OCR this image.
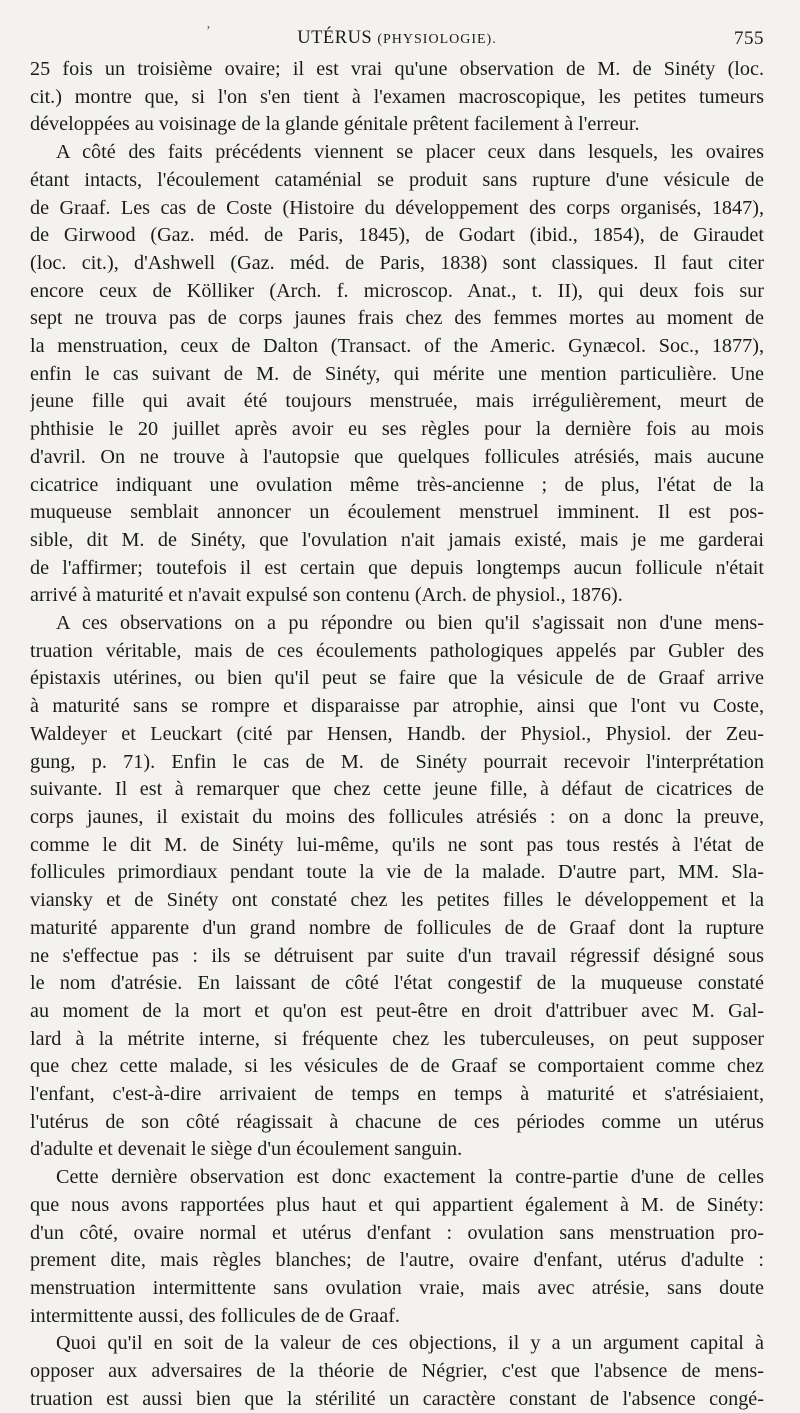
ʼ	UTÉRUS (PHYSIOLOGIE).	755
25 fois un troisième ovaire; il est vrai qu'une observation de M. de Sinéty (loc.
cit.) montre que, si l'on s'en tient à l'examen macroscopique, les petites tumeurs
développées au voisinage de la glande génitale prêtent facilement à l'erreur.
A côté des faits précédents viennent se placer ceux dans lesquels, les ovaires
étant intacts, l'écoulement cataménial se produit sans rupture d'une vésicule de
de Graaf. Les cas de Coste (Histoire du développement des corps organisés, 1847),
de Girwood (Gaz. méd. de Paris, 1845), de Godart (ibid., 1854), de Giraudet
(loc. cit.), d'Ashwell (Gaz. méd. de Paris, 1838) sont classiques. Il faut citer
encore ceux de Kölliker (Arch. f. microscop. Anat., t. II), qui deux fois sur
sept ne trouva pas de corps jaunes frais chez des femmes mortes au moment de
la menstruation, ceux de Dalton (Transact. of the Americ. Gynæcol. Soc., 1877),
enfin le cas suivant de M. de Sinéty, qui mérite une mention particulière. Une
jeune fille qui avait été toujours menstruée, mais irrégulièrement, meurt de
phthisie le 20 juillet après avoir eu ses règles pour la dernière fois au mois
d'avril. On ne trouve à l'autopsie que quelques follicules atrésiés, mais aucune
cicatrice indiquant une ovulation même très-ancienne ; de plus, l'état de la
muqueuse semblait annoncer un écoulement menstruel imminent. Il est pos-
sible, dit M. de Sinéty, que l'ovulation n'ait jamais existé, mais je me garderai
de l'affirmer; toutefois il est certain que depuis longtemps aucun follicule n'était
arrivé à maturité et n'avait expulsé son contenu (Arch. de physiol., 1876).
A ces observations on a pu répondre ou bien qu'il s'agissait non d'une mens-
truation véritable, mais de ces écoulements pathologiques appelés par Gubler des
épistaxis utérines, ou bien qu'il peut se faire que la vésicule de de Graaf arrive
à maturité sans se rompre et disparaisse par atrophie, ainsi que l'ont vu Coste,
Waldeyer et Leuckart (cité par Hensen, Handb. der Physiol., Physiol. der Zeu-
gung, p. 71). Enfin le cas de M. de Sinéty pourrait recevoir l'interprétation
suivante. Il est à remarquer que chez cette jeune fille, à défaut de cicatrices de
corps jaunes, il existait du moins des follicules atrésiés : on a donc la preuve,
comme le dit M. de Sinéty lui-même, qu'ils ne sont pas tous restés à l'état de
follicules primordiaux pendant toute la vie de la malade. D'autre part, MM. Sla-
viansky et de Sinéty ont constaté chez les petites filles le développement et la
maturité apparente d'un grand nombre de follicules de de Graaf dont la rupture
ne s'effectue pas : ils se détruisent par suite d'un travail régressif désigné sous
le nom d'atrésie. En laissant de côté l'état congestif de la muqueuse constaté
au moment de la mort et qu'on est peut-être en droit d'attribuer avec M. Gal-
lard à la métrite interne, si fréquente chez les tuberculeuses, on peut supposer
que chez cette malade, si les vésicules de de Graaf se comportaient comme chez
l'enfant, c'est-à-dire arrivaient de temps en temps à maturité et s'atrésiaient,
l'utérus de son côté réagissait à chacune de ces périodes comme un utérus
d'adulte et devenait le siège d'un écoulement sanguin.
Cette dernière observation est donc exactement la contre-partie d'une de celles
que nous avons rapportées plus haut et qui appartient également à M. de Sinéty:
d'un côté, ovaire normal et utérus d'enfant : ovulation sans menstruation pro-
prement dite, mais règles blanches; de l'autre, ovaire d'enfant, utérus d'adulte :
menstruation intermittente sans ovulation vraie, mais avec atrésie, sans doute
intermittente aussi, des follicules de de Graaf.
Quoi qu'il en soit de la valeur de ces objections, il y a un argument capital à
opposer aux adversaires de la théorie de Négrier, c'est que l'absence de mens-
truation est aussi bien que la stérilité un caractère constant de l'absence congé-
